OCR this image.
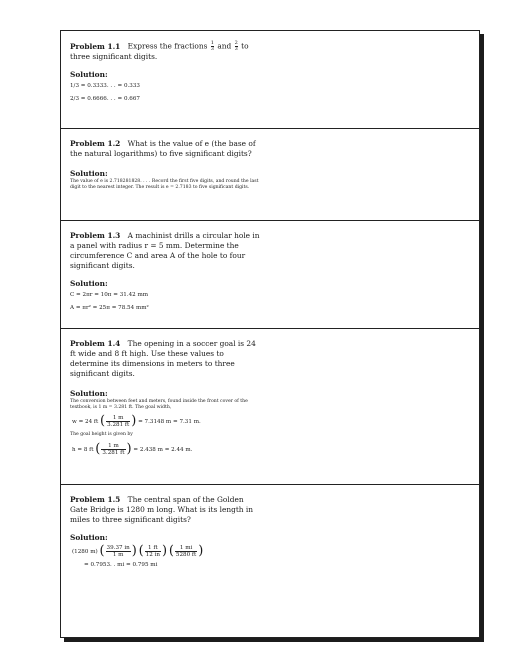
Problem 1.1 Express the fractions $\frac{1}{3}$ and $\frac{2}{3}$ to three significant digits.

Solution:

1/3 = 0.3333. . . = 0.333

2/3 = 0.6666. . . = 0.667

Problem 1.2 What is the value of e (the base of the natural logarithms) to five significant digits?

Solution:

The value of e is 2.718281828. . . . Record the first five digits, and round the last digit to the nearest integer. The result is e = 2.7183 to five significant digits.

Problem 1.3 A machinist drills a circular hole in a panel with radius r = 5 mm. Determine the circumference C and area A of the hole to four significant digits.

Solution:

C = 2πr = 10π = 31.42 mm

A = πr² = 25π = 78.54 mm²

Problem 1.4 The opening in a soccer goal is 24 ft wide and 8 ft high. Use these values to determine its dimensions in meters to three significant digits.

Solution:

The conversion between feet and meters, found inside the front cover of the textbook, is 1 m = 3.281 ft. The goal width,

w = 24 ft ( $\frac{1 m}{3.281 ft}$ ) = 7.3148 m = 7.31 m.

The goal height is given by

h = 8 ft ( $\frac{1 m}{3.281 ft}$ ) = 2.438 m = 2.44 m.

Problem 1.5 The central span of the Golden Gate Bridge is 1280 m long. What is its length in miles to three significant digits?

Solution:

(1280 m) ( $\frac{39.37 in}{1 m}$ ) ( $\frac{1 ft}{12 in}$ ) ( $\frac{1 mi}{5280 ft}$ )

= 0.7953. . mi = 0.795 mi
